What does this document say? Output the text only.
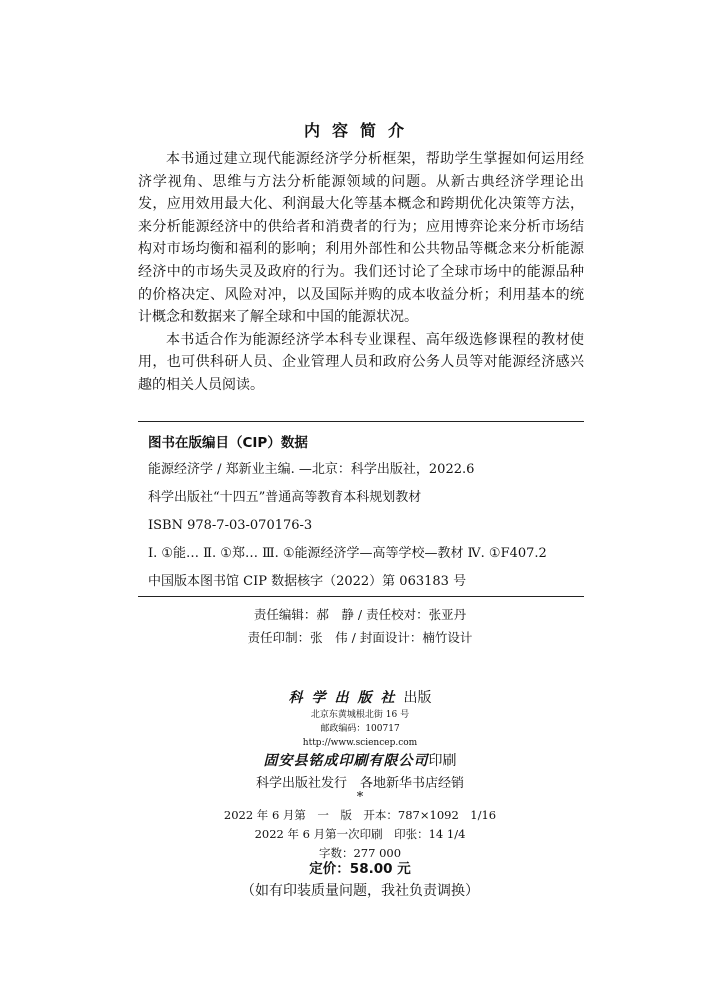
内容简介

本书通过建立现代能源经济学分析框架，帮助学生掌握如何运用经济学视角、思维与方法分析能源领域的问题。从新古典经济学理论出发，应用效用最大化、利润最大化等基本概念和跨期优化决策等方法，来分析能源经济中的供给者和消费者的行为；应用博弈论来分析市场结构对市场均衡和福利的影响；利用外部性和公共物品等概念来分析能源经济中的市场失灵及政府的行为。我们还讨论了全球市场中的能源品种的价格决定、风险对冲，以及国际并购的成本收益分析；利用基本的统计概念和数据来了解全球和中国的能源状况。

本书适合作为能源经济学本科专业课程、高年级选修课程的教材使用，也可供科研人员、企业管理人员和政府公务人员等对能源经济感兴趣的相关人员阅读。

图书在版编目（CIP）数据
能源经济学 / 郑新业主编. —北京：科学出版社，2022.6
科学出版社“十四五”普通高等教育本科规划教材
ISBN 978-7-03-070176-3
Ⅰ. ①能… Ⅱ. ①郑… Ⅲ. ①能源经济学—高等学校—教材 Ⅳ. ①F407.2
中国版本图书馆 CIP 数据核字（2022）第 063183 号
责任编辑：郝　静 / 责任校对：张亚丹
责任印制：张　伟 / 封面设计：楠竹设计
科学出版社出版
北京东黄城根北街 16 号
邮政编码：100717
http://www.sciencep.com
固安县铭成印刷有限公司印刷
科学出版社发行　各地新华书店经销
*
2022 年 6 月第　一　版　开本：787×1092　1/16
2022 年 6 月第一次印刷　印张：14 1/4
字数：277 000
定价：58.00 元
（如有印装质量问题，我社负责调换）
